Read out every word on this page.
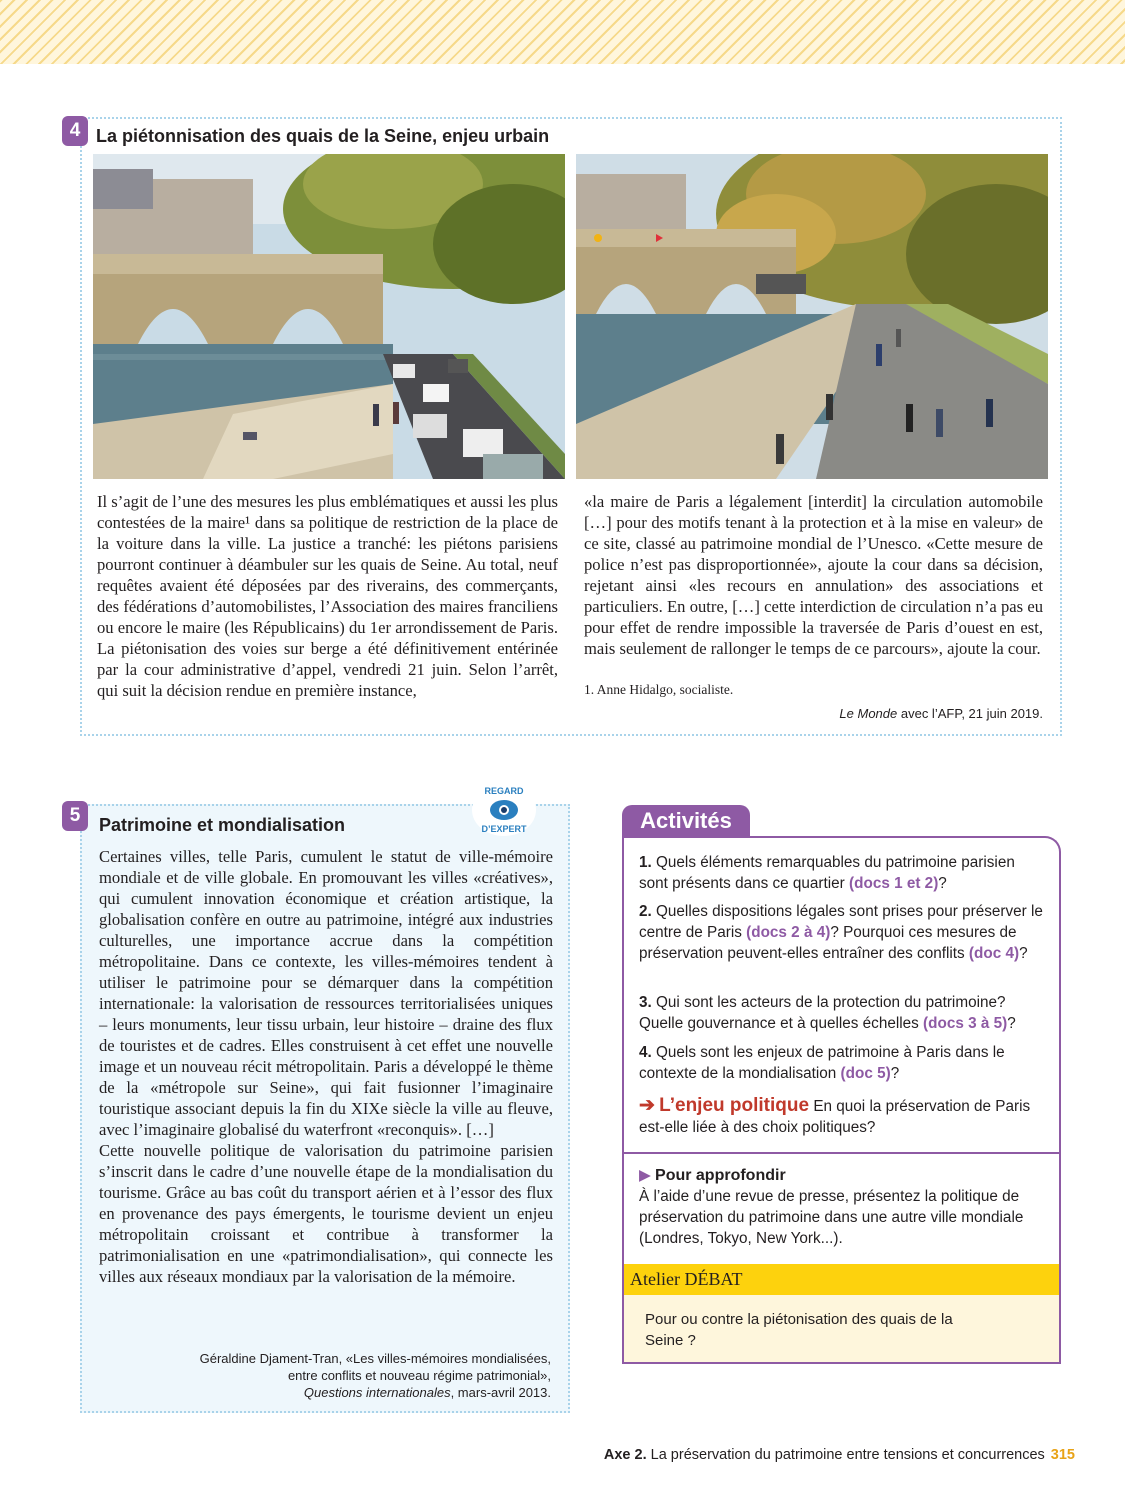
4 La piétonnisation des quais de la Seine, enjeu urbain
Il s’agit de l’une des mesures les plus emblématiques et aussi les plus contestées de la maire¹ dans sa politique de restriction de la place de la voiture dans la ville. La justice a tranché: les piétons parisiens pourront continuer à déambuler sur les quais de Seine. Au total, neuf requêtes avaient été déposées par des riverains, des commerçants, des fédérations d’automobilistes, l’Association des maires franciliens ou encore le maire (les Républicains) du 1er arrondissement de Paris. La piétonisation des voies sur berge a été définitivement entérinée par la cour administrative d’appel, vendredi 21 juin. Selon l’arrêt, qui suit la décision rendue en première instance,
«la maire de Paris a légalement [interdit] la circulation automobile […] pour des motifs tenant à la protection et à la mise en valeur» de ce site, classé au patrimoine mondial de l’Unesco. «Cette mesure de police n’est pas disproportionnée», ajoute la cour dans sa décision, rejetant ainsi «les recours en annulation» des associations et particuliers. En outre, […] cette interdiction de circulation n’a pas eu pour effet de rendre impossible la traversée de Paris d’ouest en est, mais seulement de rallonger le temps de ce parcours», ajoute la cour.
1. Anne Hidalgo, socialiste.
Le Monde avec l’AFP, 21 juin 2019.
5	Patrimoine et mondialisation
REGARD
D’EXPERT
Certaines villes, telle Paris, cumulent le statut de ville-mémoire mondiale et de ville globale. En promouvant les villes «créatives», qui cumulent innovation économique et création artistique, la globalisation confère en outre au patrimoine, intégré aux industries culturelles, une importance accrue dans la compétition métropolitaine. Dans ce contexte, les villes-mémoires tendent à utiliser le patrimoine pour se démarquer dans la compétition internationale: la valorisation de ressources territorialisées uniques – leurs monuments, leur tissu urbain, leur histoire – draine des flux de touristes et de cadres. Elles construisent à cet effet une nouvelle image et un nouveau récit métropolitain. Paris a développé le thème de la «métropole sur Seine», qui fait fusionner l’imaginaire touristique associant depuis la fin du XIXe siècle la ville au fleuve, avec l’imaginaire globalisé du waterfront «reconquis». […]
Cette nouvelle politique de valorisation du patrimoine parisien s’inscrit dans le cadre d’une nouvelle étape de la mondialisation du tourisme. Grâce au bas coût du transport aérien et à l’essor des flux en provenance des pays émergents, le tourisme devient un enjeu métropolitain croissant et contribue à transformer la patrimonialisation en une «patrimondialisation», qui connecte les villes aux réseaux mondiaux par la valorisation de la mémoire.
Géraldine Djament-Tran, «Les villes-mémoires mondialisées,
entre conflits et nouveau régime patrimonial»,
Questions internationales, mars-avril 2013.
Activités
1. Quels éléments remarquables du patrimoine parisien sont présents dans ce quartier (docs 1 et 2)?
2. Quelles dispositions légales sont prises pour préserver le centre de Paris (docs 2 à 4)? Pourquoi ces mesures de préservation peuvent-elles entraîner des conflits (doc 4)?
3. Qui sont les acteurs de la protection du patrimoine? Quelle gouvernance et à quelles échelles (docs 3 à 5)?
4. Quels sont les enjeux de patrimoine à Paris dans le contexte de la mondialisation (doc 5)?
➔ L’enjeu politique En quoi la préservation de Paris est-elle liée à des choix politiques?
▶ Pour approfondir
À l’aide d’une revue de presse, présentez la politique de préservation du patrimoine dans une autre ville mondiale (Londres, Tokyo, New York...).
Atelier DÉBAT
Pour ou contre la piétonisation des quais de la Seine ?
Axe 2. La préservation du patrimoine entre tensions et concurrences 315
